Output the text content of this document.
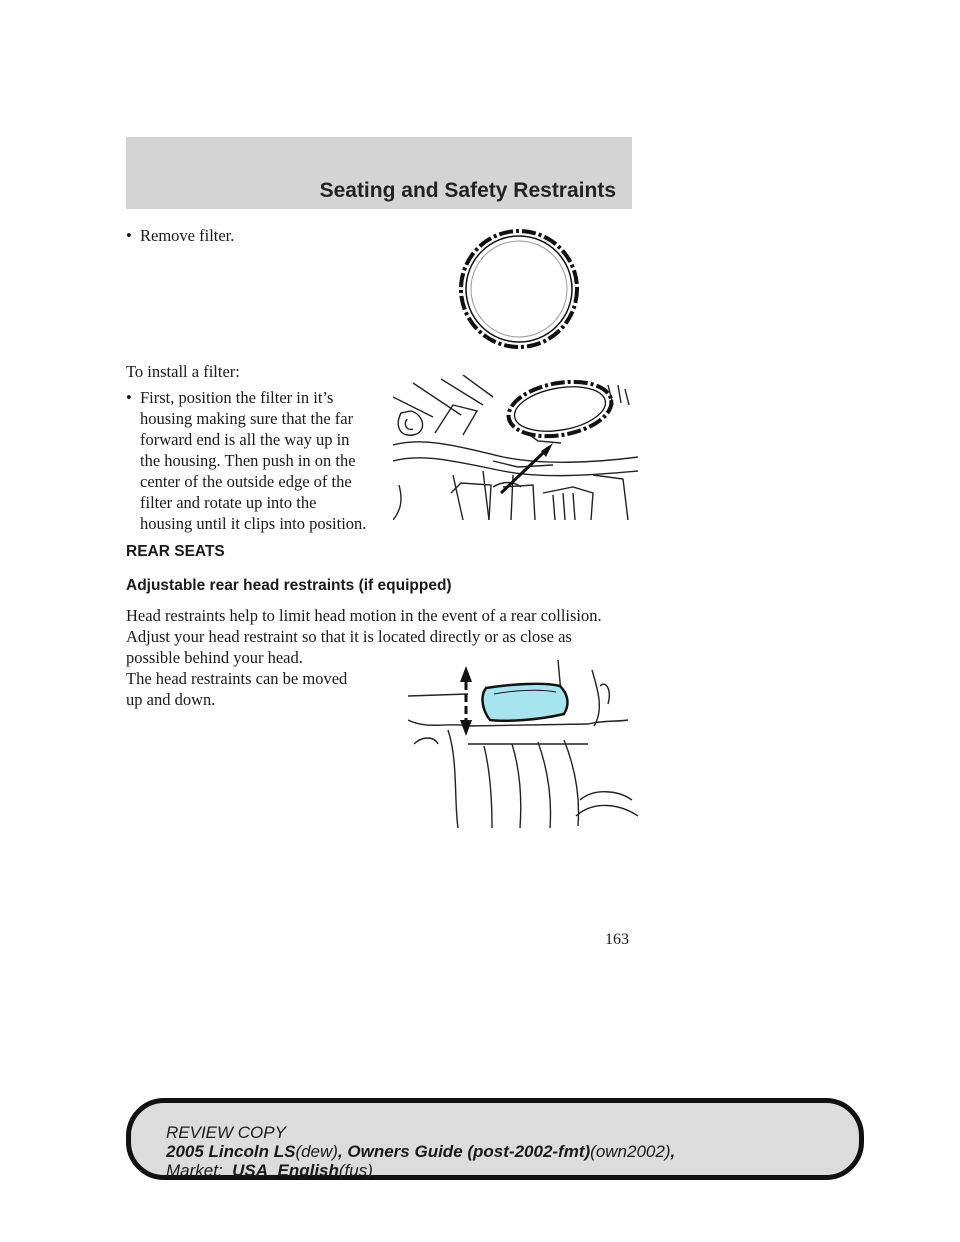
Seating and Safety Restraints
• Remove filter.
To install a filter:
• First, position the filter in it’s
housing making sure that the far
forward end is all the way up in
the housing. Then push in on the
center of the outside edge of the
filter and rotate up into the
housing until it clips into position.
REAR SEATS
Adjustable rear head restraints (if equipped)
Head restraints help to limit head motion in the event of a rear collision.
Adjust your head restraint so that it is located directly or as close as
possible behind your head.
The head restraints can be moved
up and down.
163
REVIEW COPY
2005 Lincoln LS(dew), Owners Guide (post-2002-fmt)(own2002),
Market: USA_English(fus)
